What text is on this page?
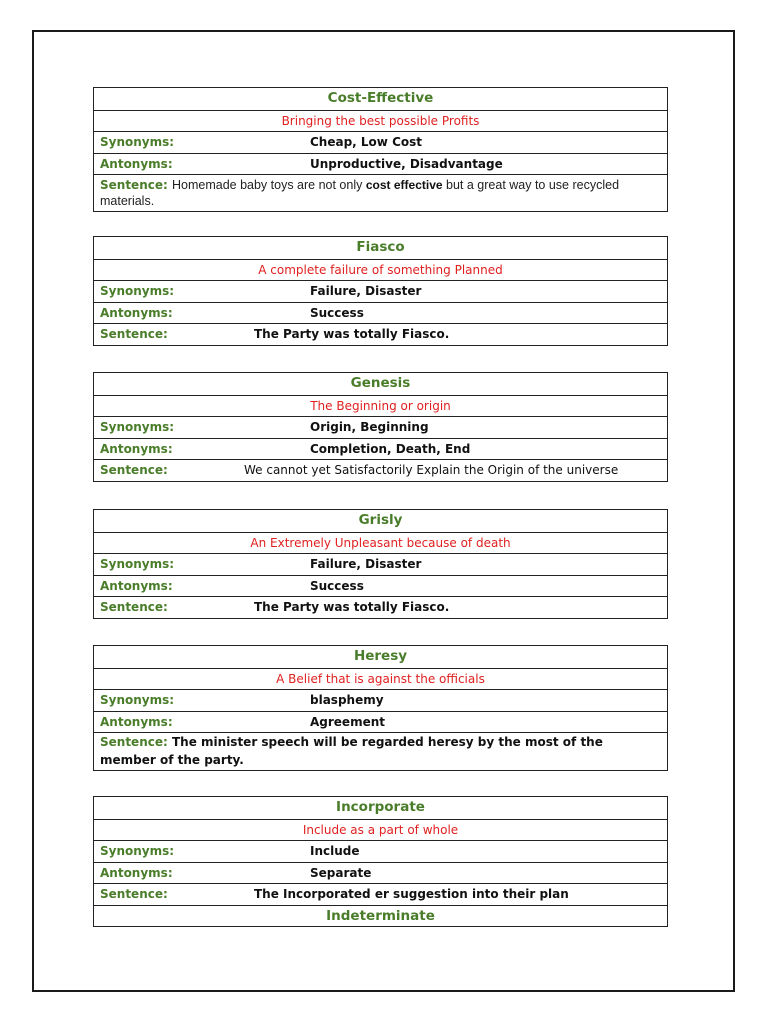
Cost-Effective
Bringing the best possible Profits
Synonyms:	Cheap, Low Cost
Antonyms:	Unproductive, Disadvantage
Sentence: Homemade baby toys are not only cost effective but a great way to use recycled materials.
Fiasco
A complete failure of something Planned
Synonyms:	Failure, Disaster
Antonyms:	Success
Sentence:	The Party was totally Fiasco.
Genesis
The Beginning or origin
Synonyms:	Origin, Beginning
Antonyms:	Completion, Death, End
Sentence:	We cannot yet Satisfactorily Explain the Origin of the universe
Grisly
An Extremely Unpleasant because of death
Synonyms:	Failure, Disaster
Antonyms:	Success
Sentence:	The Party was totally Fiasco.
Heresy
A Belief that is against the officials
Synonyms:	blasphemy
Antonyms:	Agreement
Sentence: The minister speech will be regarded heresy by the most of the member of the party.
Incorporate
Include as a part of whole
Synonyms:	Include
Antonyms:	Separate
Sentence:	The Incorporated er suggestion into their plan
Indeterminate
